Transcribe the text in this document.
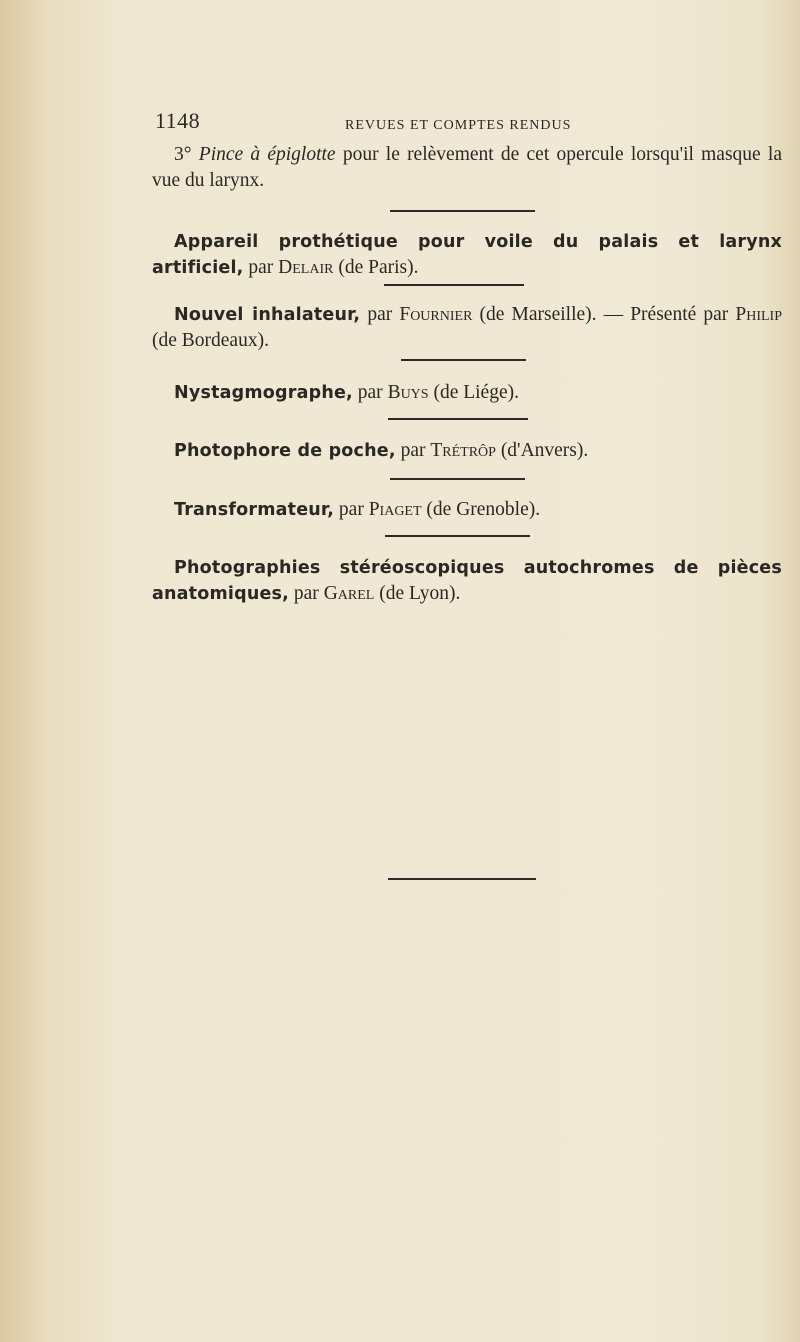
1148	REVUES ET COMPTES RENDUS

3° Pince à épiglotte pour le relèvement de cet opercule lorsqu'il masque la vue du larynx.

Appareil prothétique pour voile du palais et larynx artificiel, par Delair (de Paris).

Nouvel inhalateur, par Fournier (de Marseille). — Présenté par Philip (de Bordeaux).

Nystagmographe, par Buys (de Liége).

Photophore de poche, par Trétrôp (d'Anvers).

Transformateur, par Piaget (de Grenoble).

Photographies stéréoscopiques autochromes de pièces anatomiques, par Garel (de Lyon).
